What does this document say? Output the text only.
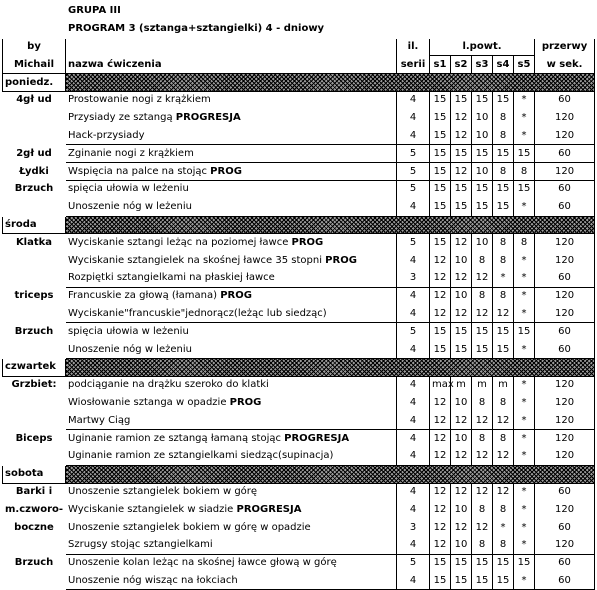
	GRUPA III							
	PROGRAM 3 (sztanga+sztangielki) 4 - dniowy							
by		il.	l.powt.					przerwy
Michail	nazwa ćwiczenia	serii	s1	s2	s3	s4	s5	w sek.
poniedz.								
4gł ud	Prostowanie nogi z krążkiem	4	15	15	15	15	*	60
	Przysiady ze sztangą PROGRESJA	4	15	12	10	8	*	120
	Hack-przysiady	4	15	12	10	8	*	120
2gł ud	Zginanie nogi z krążkiem	5	15	15	15	15	15	60
Łydki	Wspięcia na palce na stojąc PROG	5	15	12	10	8	8	120
Brzuch	spięcia ułowia w leżeniu	5	15	15	15	15	15	60
	Unoszenie nóg w leżeniu	4	15	15	15	15	*	60
środa								
Klatka	Wyciskanie sztangi leżąc na poziomej ławce PROG	5	15	12	10	8	8	120
	Wyciskanie sztangielek na skośnej ławce 35 stopni PROG	4	12	10	8	8	*	120
	Rozpiętki sztangielkami na płaskiej ławce	3	12	12	12	*	*	60
triceps	Francuskie za głową (łamana) PROG	4	12	10	8	8	*	120
	Wyciskanie"francuskie"jednorącz(leżąc lub siedząc)	4	12	12	12	12	*	120
Brzuch	spięcia ułowia w leżeniu	5	15	15	15	15	15	60
	Unoszenie nóg w leżeniu	4	15	15	15	15	*	60
czwartek								
Grzbiet:	podciąganie na drążku szeroko do klatki	4	max	m	m	m	*	120
	Wiosłowanie sztanga w opadzie PROG	4	12	10	8	8	*	120
	Martwy Ciąg	4	12	12	12	12	*	120
Biceps	Uginanie ramion ze sztangą łamaną stojąc PROGRESJA	4	12	10	8	8	*	120
	Uginanie ramion ze sztangielkami siedząc(supinacja)	4	12	12	12	12	*	120
sobota								
Barki i	Unoszenie sztangielek bokiem w górę	4	12	12	12	12	*	60
m.czworo-	Wyciskanie sztangielek w siadzie PROGRESJA	4	12	10	8	8	*	120
boczne	Unoszenie sztangielek bokiem w górę w opadzie	3	12	12	12	*	*	60
	Szrugsy stojąc sztangielkami	4	12	10	8	8	*	120
Brzuch	Unoszenie kolan leżąc na skośnej ławce głową w górę	5	15	15	15	15	15	60
	Unoszenie nóg wisząc na łokciach	4	15	15	15	15	*	60
